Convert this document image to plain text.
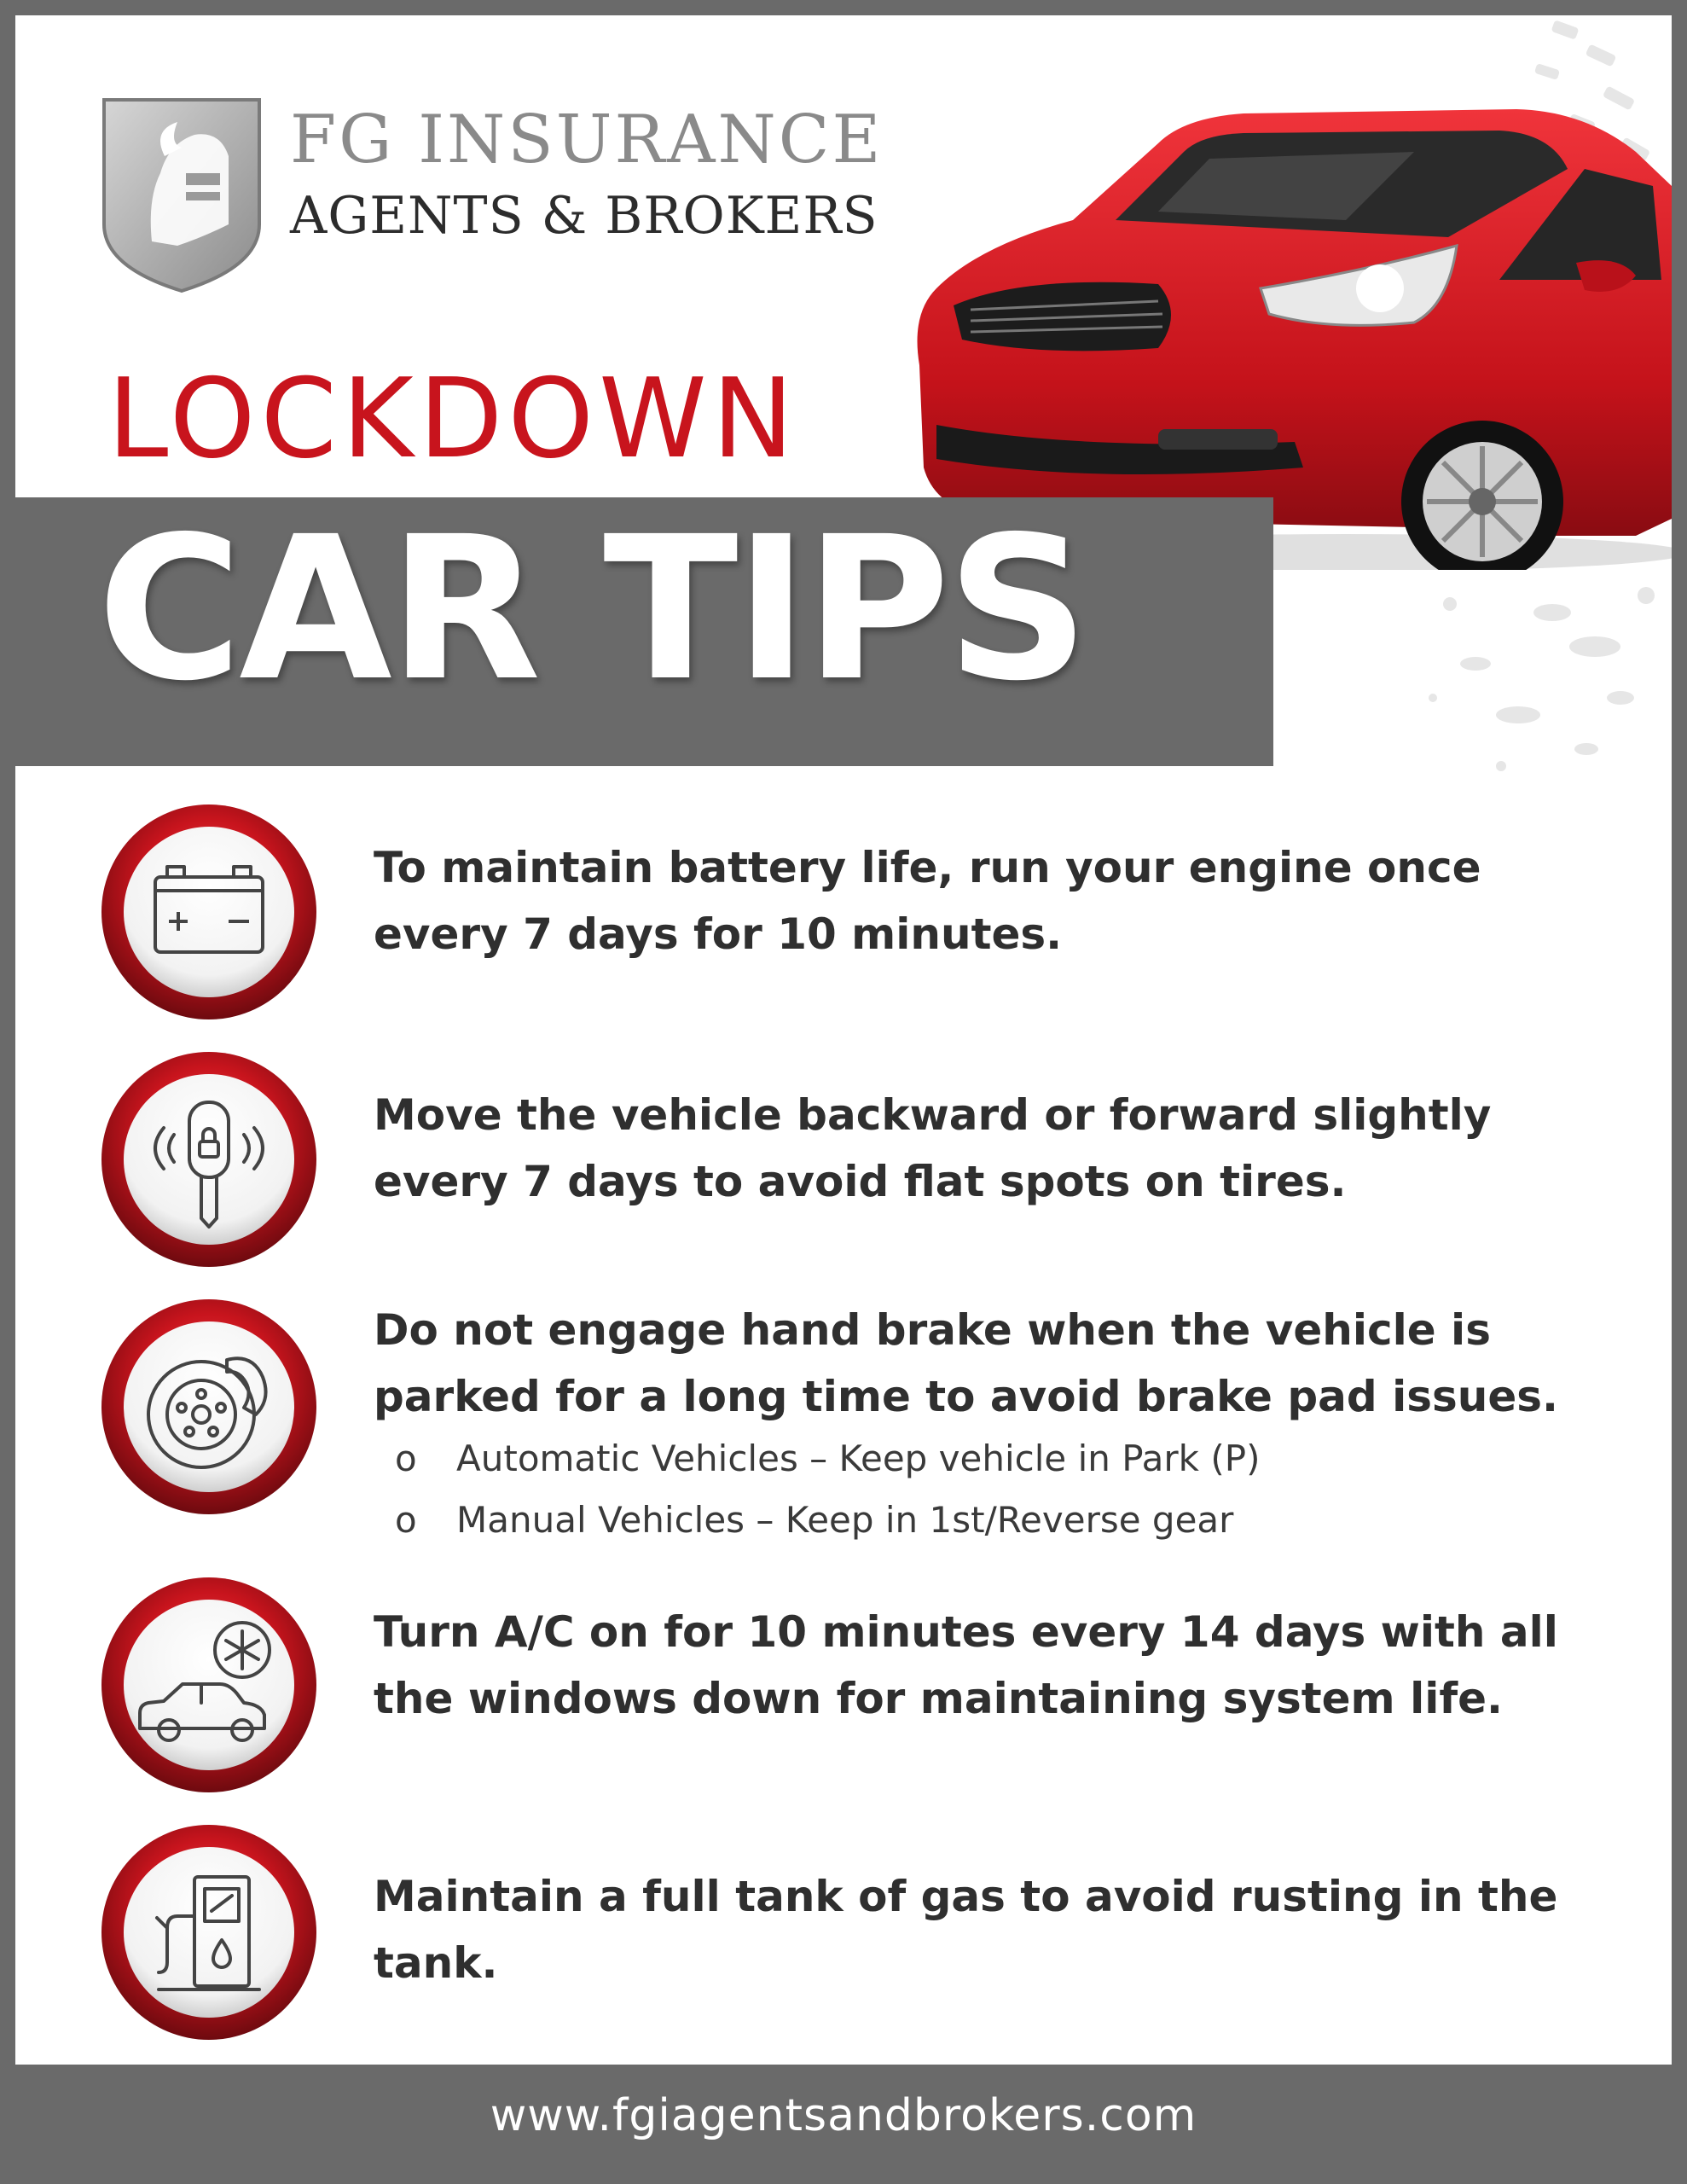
FG INSURANCE
AGENTS & BROKERS
LOCKDOWN
CAR TIPS
To maintain battery life, run your engine once every 7 days for 10 minutes.
Move the vehicle backward or forward slightly every 7 days to avoid flat spots on tires.
Do not engage hand brake when the vehicle is parked for a long time to avoid brake pad issues.
o Automatic Vehicles – Keep vehicle in Park (P)
o Manual Vehicles – Keep in 1st/Reverse gear
Turn A/C on for 10 minutes every 14 days with all the windows down for maintaining system life.
Maintain a full tank of gas to avoid rusting in the tank.
www.fgiagentsandbrokers.com
